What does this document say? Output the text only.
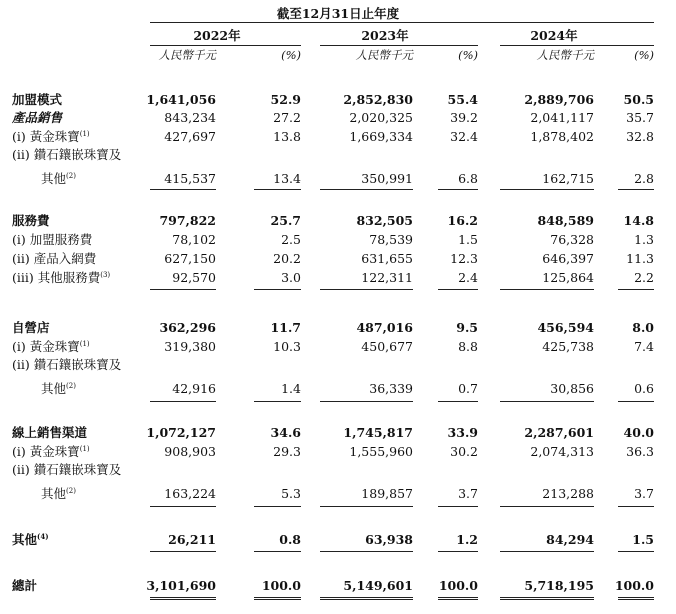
截至12月31日止年度
2022年	2023年	2024年
人民幣千元	(%)	人民幣千元	(%)	人民幣千元	(%)
加盟模式	1,641,056	52.9	2,852,830	55.4	2,889,706	50.5
產品銷售	843,234	27.2	2,020,325	39.2	2,041,117	35.7
(i) 黃金珠寶$^{(1)}$	427,697	13.8	1,669,334	32.4	1,878,402	32.8
(ii) 鑽石鑲嵌珠寶及
其他$^{(2)}$	415,537	13.4	350,991	6.8	162,715	2.8
服務費	797,822	25.7	832,505	16.2	848,589	14.8
(i) 加盟服務費	78,102	2.5	78,539	1.5	76,328	1.3
(ii) 產品入網費	627,150	20.2	631,655	12.3	646,397	11.3
(iii) 其他服務費$^{(3)}$	92,570	3.0	122,311	2.4	125,864	2.2
自營店	362,296	11.7	487,016	9.5	456,594	8.0
(i) 黃金珠寶$^{(1)}$	319,380	10.3	450,677	8.8	425,738	7.4
(ii) 鑽石鑲嵌珠寶及
其他$^{(2)}$	42,916	1.4	36,339	0.7	30,856	0.6
線上銷售渠道	1,072,127	34.6	1,745,817	33.9	2,287,601	40.0
(i) 黃金珠寶$^{(1)}$	908,903	29.3	1,555,960	30.2	2,074,313	36.3
(ii) 鑽石鑲嵌珠寶及
其他$^{(2)}$	163,224	5.3	189,857	3.7	213,288	3.7
其他$^{(4)}$	26,211	0.8	63,938	1.2	84,294	1.5
總計	3,101,690	100.0	5,149,601	100.0	5,718,195	100.0
